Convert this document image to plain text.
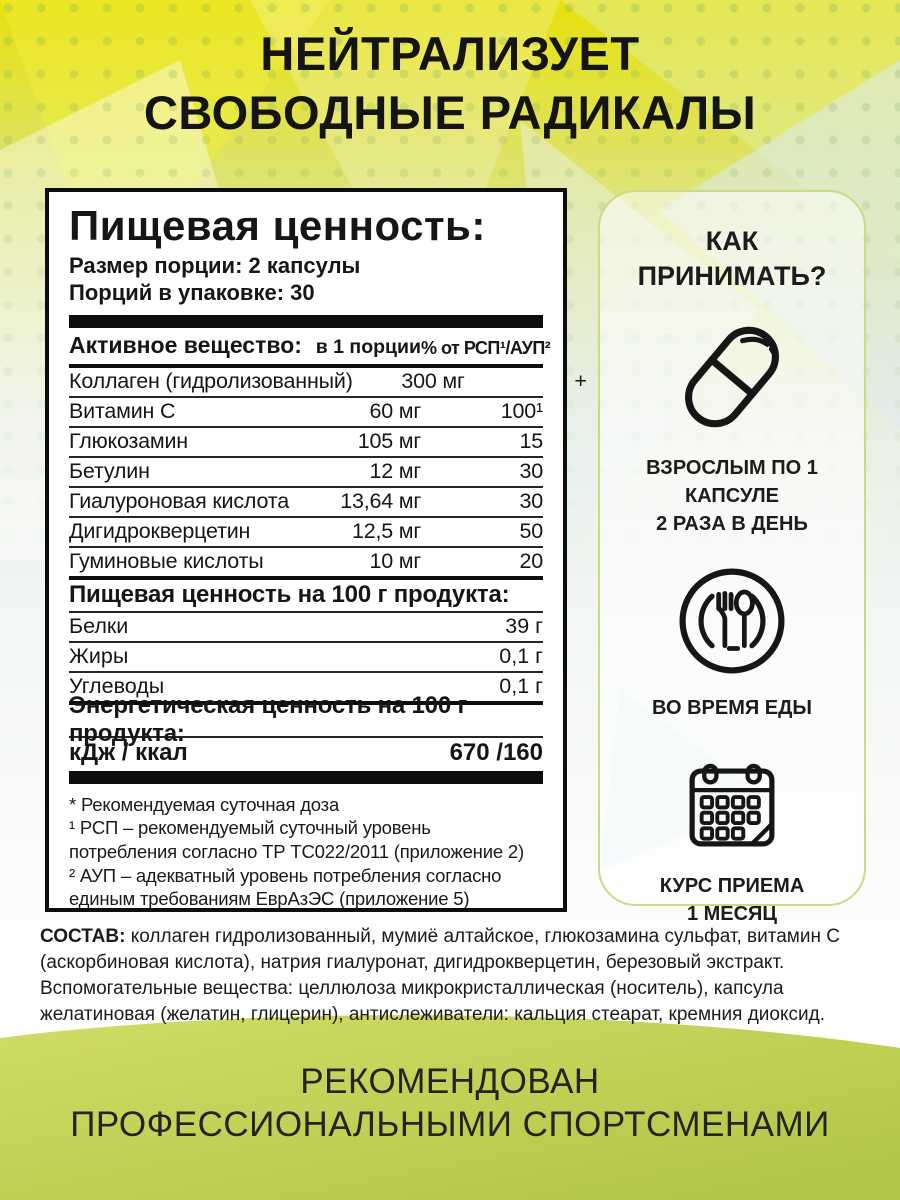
НЕЙТРАЛИЗУЕТ
СВОБОДНЫЕ РАДИКАЛЫ
Пищевая ценность:
Размер порции: 2 капсулы
Порций в упаковке: 30
Активное вещество: в 1 порции % от РСП¹/АУП²
Коллаген (гидролизованный)	300 мг	+
Витамин С	60 мг	100¹
Глюкозамин	105 мг	15
Бетулин	12 мг	30
Гиалуроновая кислота	13,64 мг	30
Дигидрокверцетин	12,5 мг	50
Гуминовые кислоты	10 мг	20
Пищевая ценность на 100 г продукта:
Белки	39 г
Жиры	0,1 г
Углеводы	0,1 г
Энергетическая ценность на 100 г продукта:
кДж / ккал	670 /160
* Рекомендуемая суточная доза
¹ РСП – рекомендуемый суточный уровень потребления согласно ТР ТС022/2011 (приложение 2)
² АУП – адекватный уровень потребления согласно единым требованиям ЕврАзЭС (приложение 5)
КАК
ПРИНИМАТЬ?
ВЗРОСЛЫМ ПО 1 КАПСУЛЕ
2 РАЗА В ДЕНЬ
ВО ВРЕМЯ ЕДЫ
КУРС ПРИЕМА
1 МЕСЯЦ
СОСТАВ: коллаген гидролизованный, мумиё алтайское, глюкозамина сульфат, витамин С (аскорбиновая кислота), натрия гиалуронат, дигидрокверцетин, березовый экстракт. Вспомогательные вещества: целлюлоза микрокристаллическая (носитель), капсула желатиновая (желатин, глицерин), антислеживатели: кальция стеарат, кремния диоксид.
РЕКОМЕНДОВАН
ПРОФЕССИОНАЛЬНЫМИ СПОРТСМЕНАМИ
